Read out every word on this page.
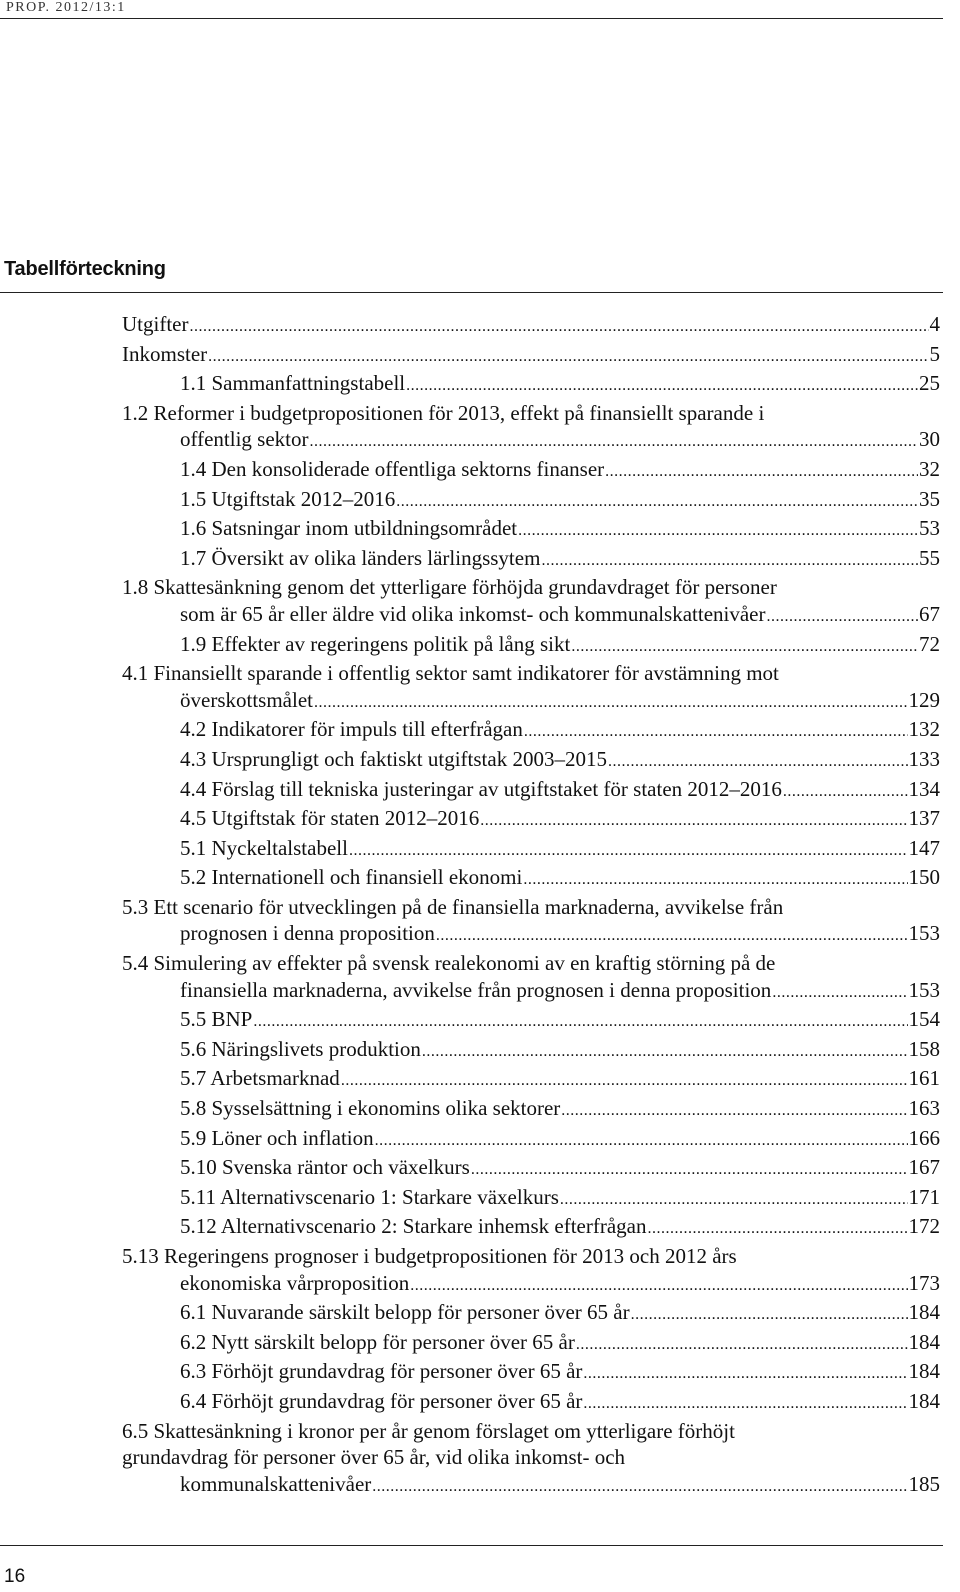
PROP. 2012/13:1
Tabellförteckning
Utgifter .....	4
Inkomster .....	5
1.1 Sammanfattningstabell .....	25
1.2 Reformer i budgetpropositionen för 2013, effekt på finansiellt sparande i
offentlig sektor .....	30
1.4 Den konsoliderade offentliga sektorns finanser .....	32
1.5 Utgiftstak 2012–2016 .....	35
1.6 Satsningar inom utbildningsområdet .....	53
1.7 Översikt av olika länders lärlingssytem .....	55
1.8 Skattesänkning genom det ytterligare förhöjda grundavdraget för personer
som är 65 år eller äldre vid olika inkomst- och kommunalskattenivåer .....	67
1.9 Effekter av regeringens politik på lång sikt .....	72
4.1 Finansiellt sparande i offentlig sektor samt indikatorer för avstämning mot
överskottsmålet .....	129
4.2 Indikatorer för impuls till efterfrågan .....	132
4.3 Ursprungligt och faktiskt utgiftstak 2003–2015 .....	133
4.4 Förslag till tekniska justeringar av utgiftstaket för staten 2012–2016 .....	134
4.5 Utgiftstak för staten 2012–2016 .....	137
5.1 Nyckeltalstabell .....	147
5.2 Internationell och finansiell ekonomi .....	150
5.3 Ett scenario för utvecklingen på de finansiella marknaderna, avvikelse från
prognosen i denna proposition .....	153
5.4 Simulering av effekter på svensk realekonomi av en kraftig störning på de
finansiella marknaderna, avvikelse från prognosen i denna proposition .....	153
5.5 BNP .....	154
5.6 Näringslivets produktion .....	158
5.7 Arbetsmarknad .....	161
5.8 Sysselsättning i ekonomins olika sektorer .....	163
5.9 Löner och inflation .....	166
5.10 Svenska räntor och växelkurs .....	167
5.11 Alternativscenario 1: Starkare växelkurs .....	171
5.12 Alternativscenario 2: Starkare inhemsk efterfrågan .....	172
5.13 Regeringens prognoser i budgetpropositionen för 2013 och 2012 års
ekonomiska vårproposition .....	173
6.1 Nuvarande särskilt belopp för personer över 65 år .....	184
6.2 Nytt särskilt belopp för personer över 65 år .....	184
6.3 Förhöjt grundavdrag för personer över 65 år .....	184
6.4 Förhöjt grundavdrag för personer över 65 år .....	184
6.5 Skattesänkning i kronor per år genom förslaget om ytterligare förhöjt
grundavdrag för personer över 65 år, vid olika inkomst- och
kommunalskattenivåer .....	185
16
